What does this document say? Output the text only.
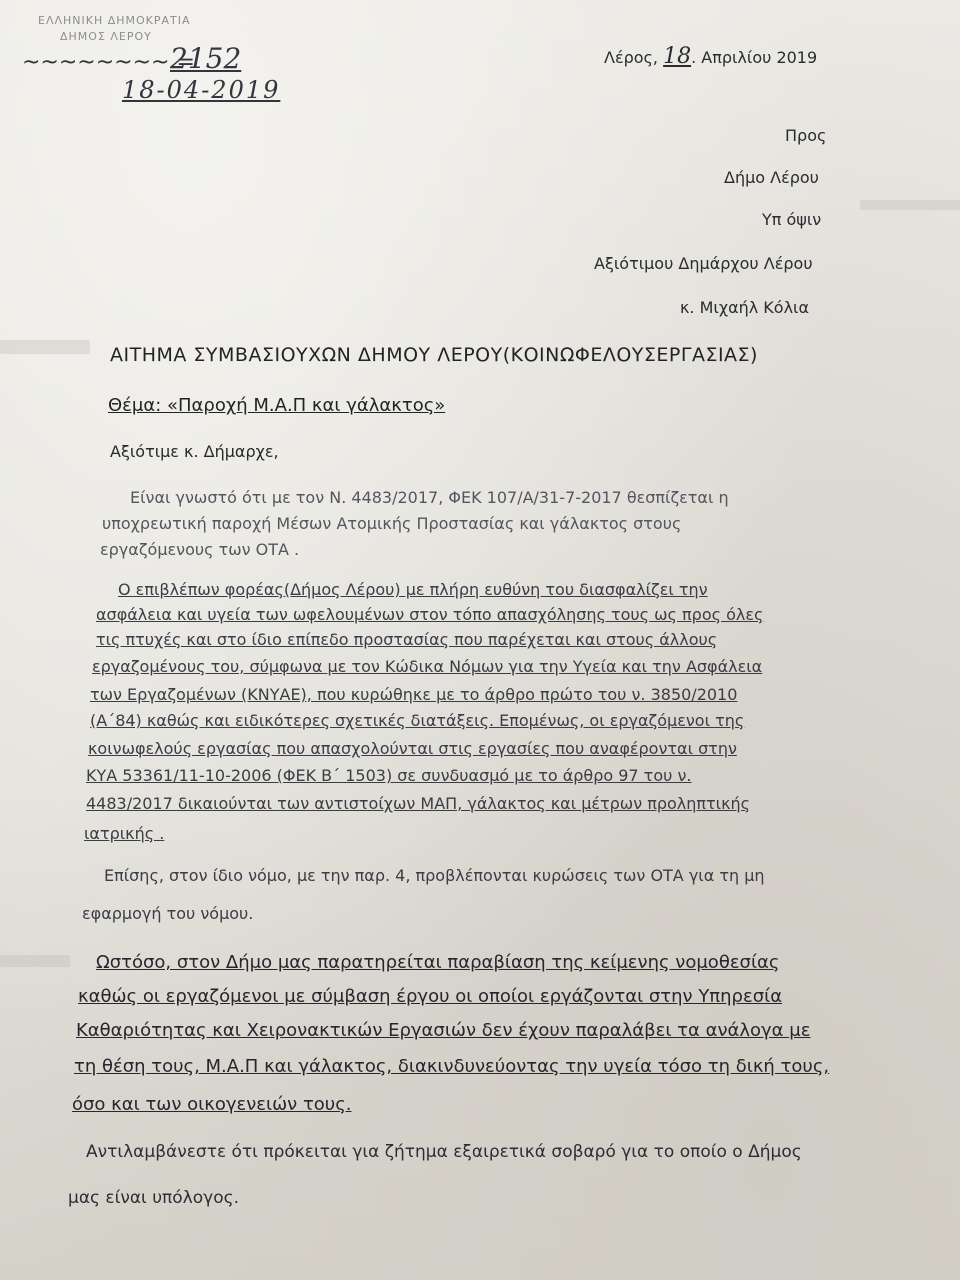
ΕΛΛΗΝΙΚΗ ΔΗΜΟΚΡΑΤΙΑ
ΔΗΜΟΣ ΛΕΡΟΥ
~~~~~~~~ =
2152
18-04-2019
Λέρος, 18. Απριλίου 2019
Προς
Δήμο Λέρου
Υπ όψιν
Αξιότιμου Δημάρχου Λέρου
κ. Μιχαήλ Κόλια
ΑΙΤΗΜΑ ΣΥΜΒΑΣΙΟΥΧΩΝ ΔΗΜΟΥ ΛΕΡΟΥ(ΚΟΙΝΩΦΕΛΟΥΣΕΡΓΑΣΙΑΣ)
Θέμα: «Παροχή Μ.Α.Π και γάλακτος»
Αξιότιμε κ. Δήμαρχε,
Είναι γνωστό ότι με τον Ν. 4483/2017, ΦΕΚ 107/Α/31-7-2017 θεσπίζεται η
υποχρεωτική παροχή Μέσων Ατομικής Προστασίας και γάλακτος στους
εργαζόμενους των ΟΤΑ .
Ο επιβλέπων φορέας(Δήμος Λέρου) με πλήρη ευθύνη του διασφαλίζει την
ασφάλεια και υγεία των ωφελουμένων στον τόπο απασχόλησης τους ως προς όλες
τις πτυχές και στο ίδιο επίπεδο προστασίας που παρέχεται και στους άλλους
εργαζομένους του, σύμφωνα με τον Κώδικα Νόμων για την Υγεία και την Ασφάλεια
των Εργαζομένων (ΚΝΥΑΕ), που κυρώθηκε με το άρθρο πρώτο του ν. 3850/2010
(Α΄84) καθώς και ειδικότερες σχετικές διατάξεις. Επομένως, οι εργαζόμενοι της
κοινωφελούς εργασίας που απασχολούνται στις εργασίες που αναφέρονται στην
ΚΥΑ 53361/11-10-2006 (ΦΕΚ Β΄ 1503) σε συνδυασμό με το άρθρο 97 του ν.
4483/2017 δικαιούνται των αντιστοίχων ΜΑΠ, γάλακτος και μέτρων προληπτικής
ιατρικής .
Επίσης, στον ίδιο νόμο, με την παρ. 4, προβλέπονται κυρώσεις των ΟΤΑ για τη μη
εφαρμογή του νόμου.
Ωστόσο, στον Δήμο μας παρατηρείται παραβίαση της κείμενης νομοθεσίας
καθώς οι εργαζόμενοι με σύμβαση έργου οι οποίοι εργάζονται στην Υπηρεσία
Καθαριότητας και Χειρονακτικών Εργασιών δεν έχουν παραλάβει τα ανάλογα με
τη θέση τους, Μ.Α.Π και γάλακτος, διακινδυνεύοντας την υγεία τόσο τη δική τους,
όσο και των οικογενειών τους.
Αντιλαμβάνεστε ότι πρόκειται για ζήτημα εξαιρετικά σοβαρό για το οποίο ο Δήμος
μας είναι υπόλογος.
